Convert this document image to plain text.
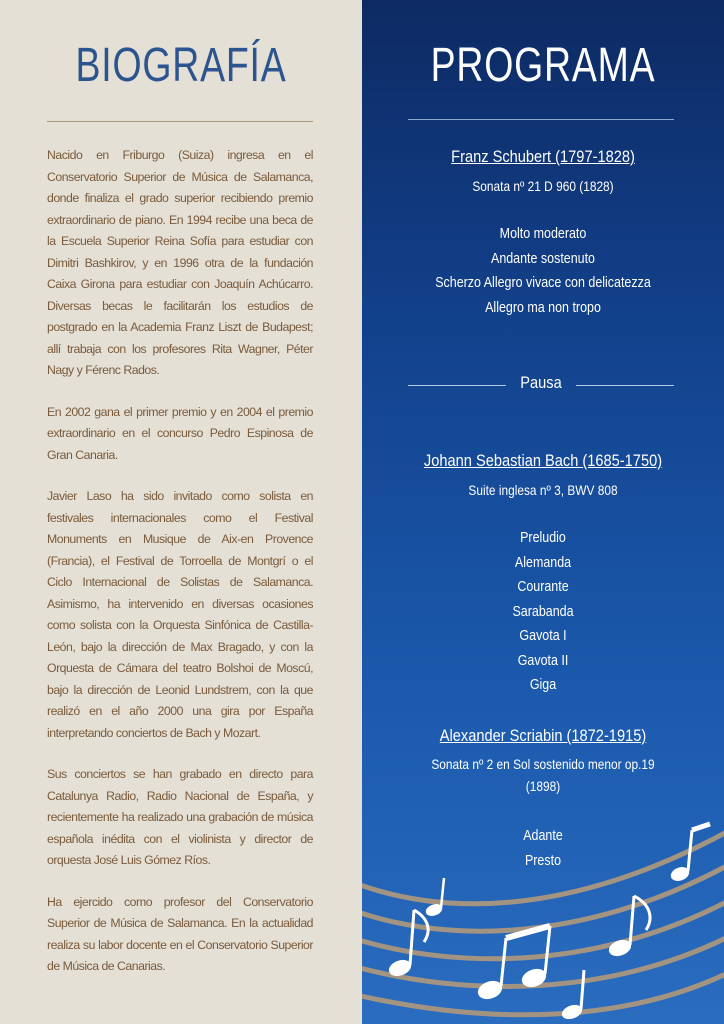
BIOGRAFÍA

Nacido en Friburgo (Suiza) ingresa en el Conservatorio Superior de Música de Salamanca, donde finaliza el grado superior recibiendo premio extraordinario de piano. En 1994 recibe una beca de la Escuela Superior Reina Sofía para estudiar con Dimitri Bashkirov, y en 1996 otra de la fundación Caixa Girona para estudiar con Joaquín Achúcarro. Diversas becas le facilitarán los estudios de postgrado en la Academia Franz Liszt de Budapest; allí trabaja con los profesores Rita Wagner, Péter Nagy y Férenc Rados.

En 2002 gana el primer premio y en 2004 el premio extraordinario en el concurso Pedro Espinosa de Gran Canaria.

Javier Laso ha sido invitado como solista en festivales internacionales como el Festival Monuments en Musique de Aix-en Provence (Francia), el Festival de Torroella de Montgrí o el Ciclo Internacional de Solistas de Salamanca. Asimismo, ha intervenido en diversas ocasiones como solista con la Orquesta Sinfónica de Castilla-León, bajo la dirección de Max Bragado, y con la Orquesta de Cámara del teatro Bolshoi de Moscú, bajo la dirección de Leonid Lundstrem, con la que realizó en el año 2000 una gira por España interpretando conciertos de Bach y Mozart.

Sus conciertos se han grabado en directo para Catalunya Radio, Radio Nacional de España, y recientemente ha realizado una grabación de música española inédita con el violinista y director de orquesta José Luis Gómez Ríos.

Ha ejercido como profesor del Conservatorio Superior de Música de Salamanca. En la actualidad realiza su labor docente en el Conservatorio Superior de Música de Canarias.

PROGRAMA
Franz Schubert (1797-1828)
Sonata nº 21 D 960 (1828)
Molto moderato
Andante sostenuto
Scherzo Allegro vivace con delicatezza
Allegro ma non tropo
Pausa
Johann Sebastian Bach (1685-1750)
Suite inglesa nº 3, BWV 808
Preludio
Alemanda
Courante
Sarabanda
Gavota I
Gavota II
Giga
Alexander Scriabin (1872-1915)
Sonata nº 2 en Sol sostenido menor op.19
(1898)
Adante
Presto
